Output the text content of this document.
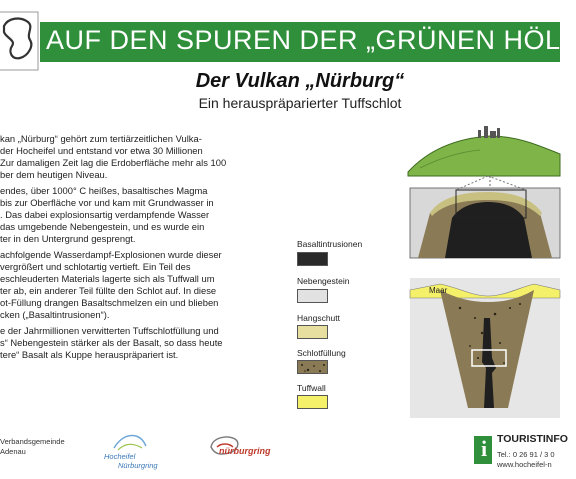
AUF DEN SPUREN DER „GRÜNEN HÖLL
Der Vulkan „Nürburg“
Ein herauspräparierter Tuffschlot

kan „Nürburg“ gehört zum tertiärzeitlichen Vulka-

der Hocheifel und entstand vor etwa 30 Millionen

Zur damaligen Zeit lag die Erdoberfläche mehr als 100

ber dem heutigen Niveau.

endes, über 1000° C heißes, basaltisches Magma

bis zur Oberfläche vor und kam mit Grundwasser in

. Das dabei explosionsartig verdampfende Wasser

das umgebende Nebengestein, und es wurde ein

ter in den Untergrund gesprengt.

achfolgende Wasserdampf-Explosionen wurde dieser

vergrößert und schlotartig vertieft. Ein Teil des

eschleuderten Materials lagerte sich als Tuffwall um

ter ab, ein anderer Teil füllte den Schlot auf. In diese

ot-Füllung drangen Basaltschmelzen ein und blieben

cken („Basaltintrusionen“).

e der Jahrmillionen verwitterten Tuffschlotfüllung und

s“ Nebengestein stärker als der Basalt, so dass heute

tere“ Basalt als Kuppe herauspräpariert ist.

Basaltintrusionen
Nebengestein
Hangschutt
Schlotfüllung
Tuffwall
Maar
Verbandsgemeinde
Adenau
Hocheifel
Nürburgring
nürburgring	i TOURISTINFO
Tel.: 0 26 91 / 3 0
www.hocheifel-n
